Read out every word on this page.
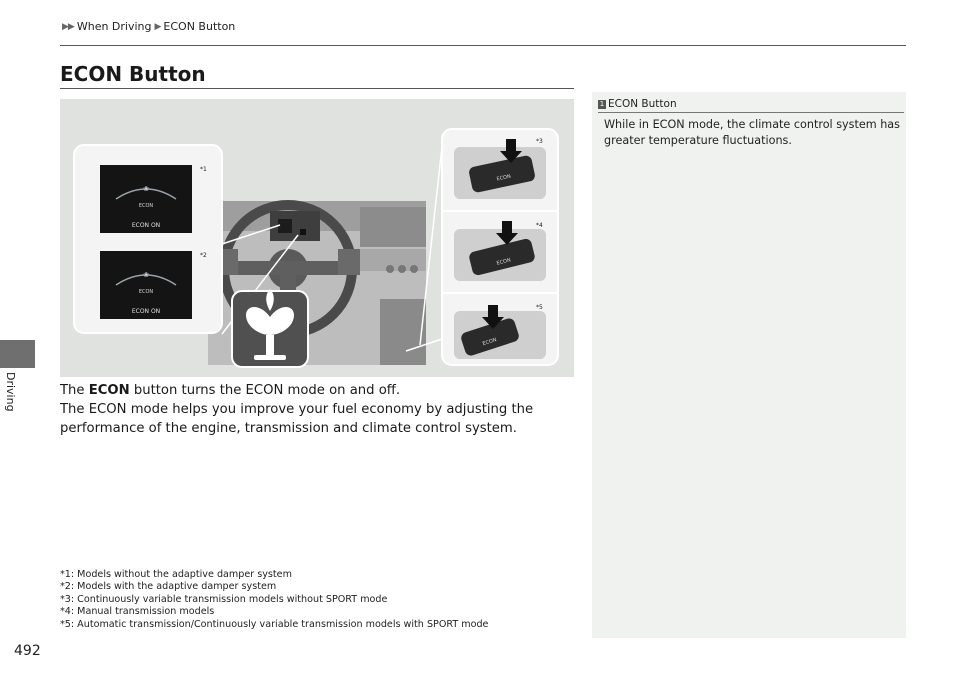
▶▶ When Driving ▶ ECON Button
Driving
492
ECON Button
❀
ECON
ECON ON
❀
ECON
ECON ON
*1
*2
ECON
ECON
ECON
*3
*4
*5

The ECON button turns the ECON mode on and off.

The ECON mode helps you improve your fuel economy by adjusting the

performance of the engine, transmission and climate control system.

*1: Models without the adaptive damper system
*2: Models with the adaptive damper system
*3: Continuously variable transmission models without SPORT mode
*4: Manual transmission models
*5: Automatic transmission/Continuously variable transmission models with SPORT mode
1 ECON Button
While in ECON mode, the climate control system has greater temperature fluctuations.
